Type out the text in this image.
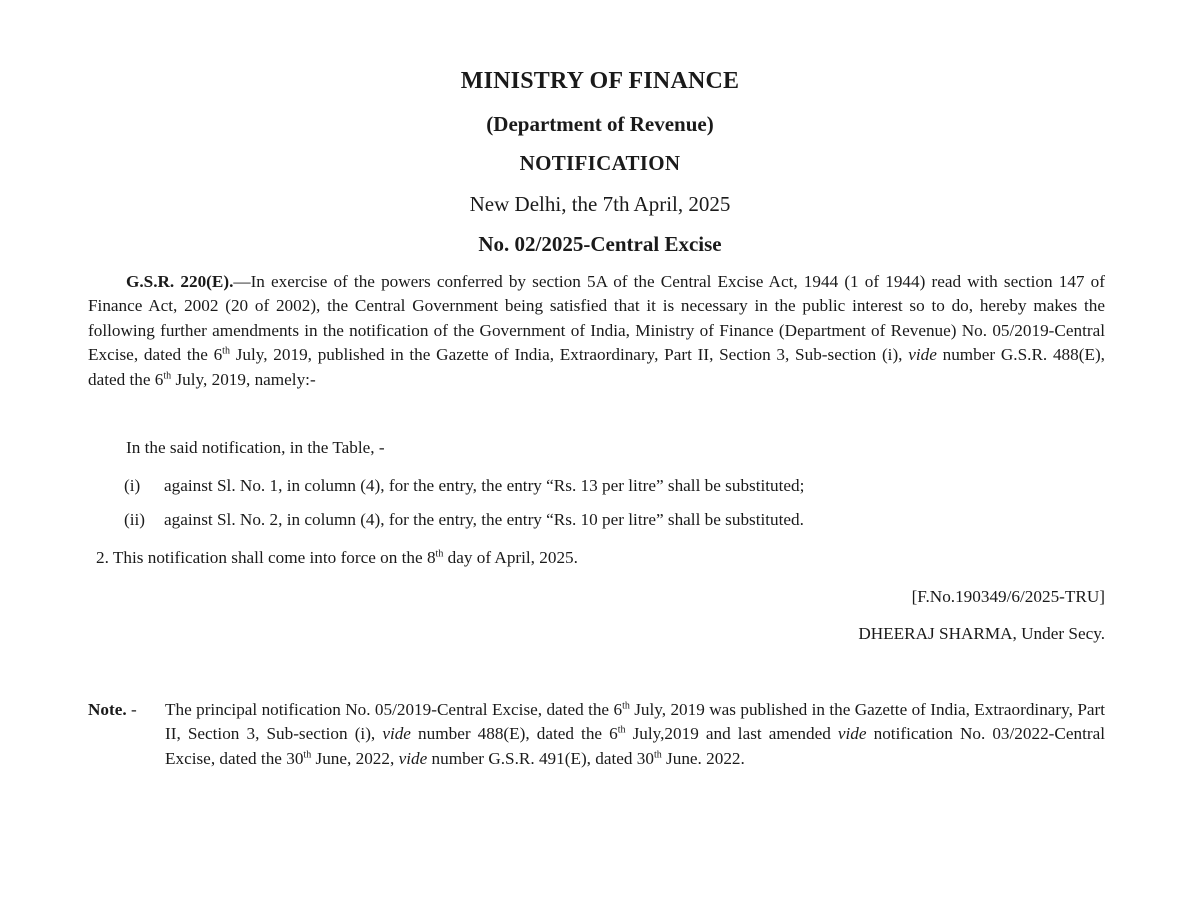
MINISTRY OF FINANCE
(Department of Revenue)
NOTIFICATION
New Delhi, the 7th April, 2025
No. 02/2025-Central Excise

G.S.R. 220(E).—In exercise of the powers conferred by section 5A of the Central Excise Act, 1944 (1 of 1944) read with section 147 of Finance Act, 2002 (20 of 2002), the Central Government being satisfied that it is necessary in the public interest so to do, hereby makes the following further amendments in the notification of the Government of India, Ministry of Finance (Department of Revenue) No. 05/2019-Central Excise, dated the 6th July, 2019, published in the Gazette of India, Extraordinary, Part II, Section 3, Sub-section (i), vide number G.S.R. 488(E), dated the 6th July, 2019, namely:-

In the said notification, in the Table, -
(i) against Sl. No. 1, in column (4), for the entry, the entry “Rs. 13 per litre” shall be substituted;
(ii) against Sl. No. 2, in column (4), for the entry, the entry “Rs. 10 per litre” shall be substituted.
2. This notification shall come into force on the 8th day of April, 2025.
[F.No.190349/6/2025-TRU]
DHEERAJ SHARMA, Under Secy.
Note. - The principal notification No. 05/2019-Central Excise, dated the 6th July, 2019 was published in the Gazette of India, Extraordinary, Part II, Section 3, Sub-section (i), vide number 488(E), dated the 6th July,2019 and last amended vide notification No. 03/2022-Central Excise, dated the 30th June, 2022, vide number G.S.R. 491(E), dated 30th June. 2022.
